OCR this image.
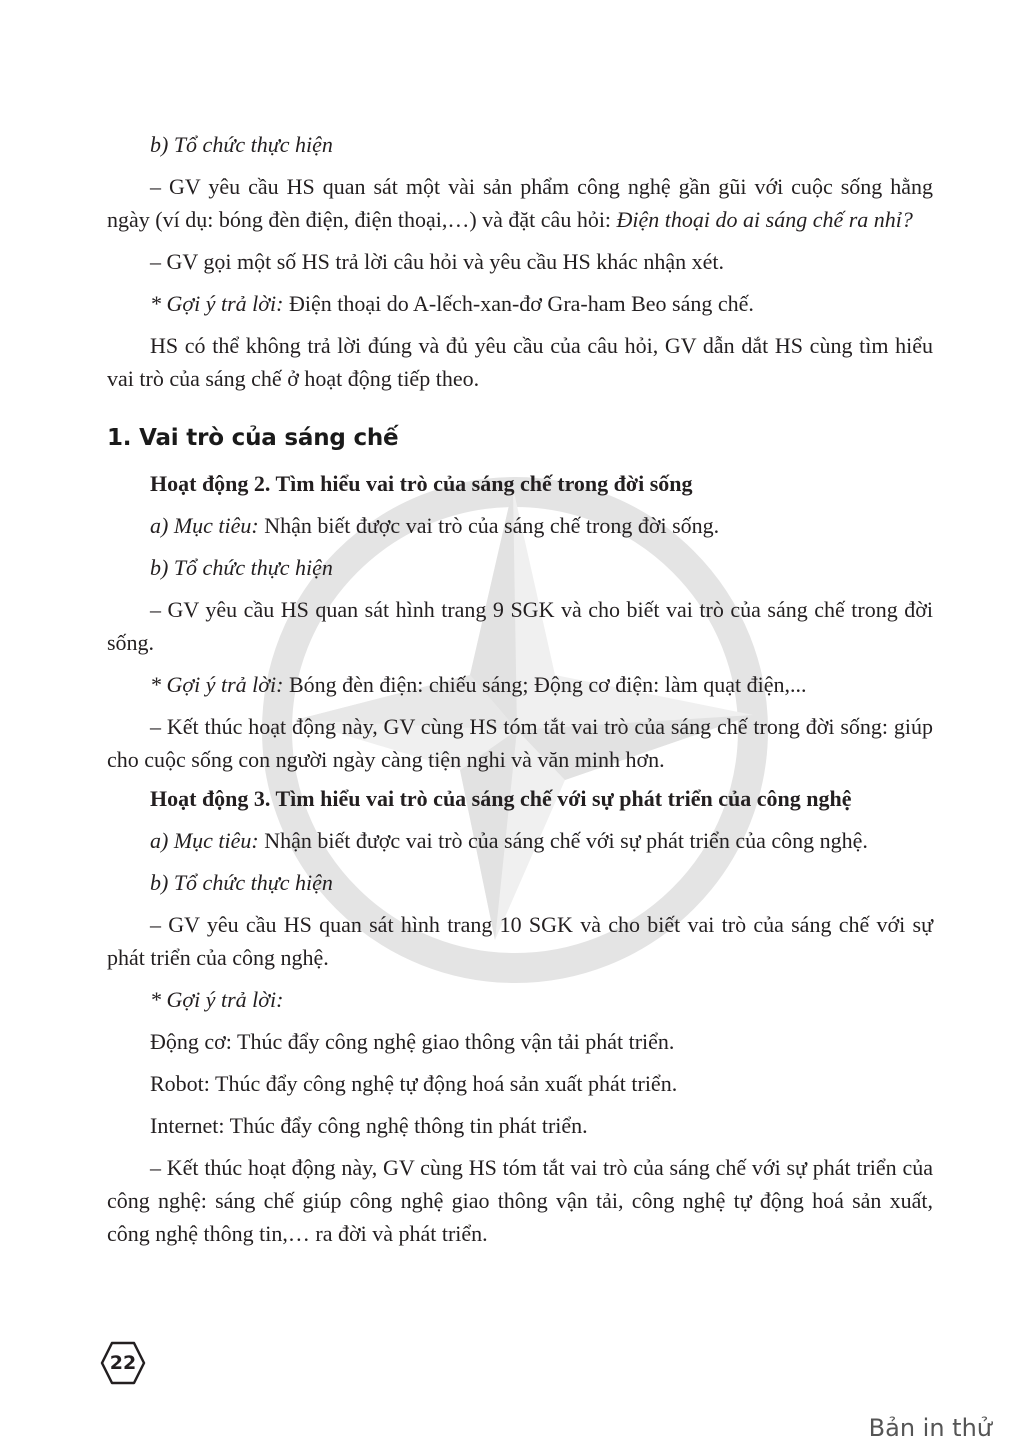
b) Tổ chức thực hiện

– GV yêu cầu HS quan sát một vài sản phẩm công nghệ gần gũi với cuộc sống hằng ngày (ví dụ: bóng đèn điện, điện thoại,…) và đặt câu hỏi: Điện thoại do ai sáng chế ra nhỉ?

– GV gọi một số HS trả lời câu hỏi và yêu cầu HS khác nhận xét.

* Gợi ý trả lời: Điện thoại do A-lếch-xan-đơ Gra-ham Beo sáng chế.

HS có thể không trả lời đúng và đủ yêu cầu của câu hỏi, GV dẫn dắt HS cùng tìm hiểu vai trò của sáng chế ở hoạt động tiếp theo.

1. Vai trò của sáng chế

Hoạt động 2. Tìm hiểu vai trò của sáng chế trong đời sống

a) Mục tiêu: Nhận biết được vai trò của sáng chế trong đời sống.

b) Tổ chức thực hiện

– GV yêu cầu HS quan sát hình trang 9 SGK và cho biết vai trò của sáng chế trong đời sống.

* Gợi ý trả lời: Bóng đèn điện: chiếu sáng; Động cơ điện: làm quạt điện,...

– Kết thúc hoạt động này, GV cùng HS tóm tắt vai trò của sáng chế trong đời sống: giúp cho cuộc sống con người ngày càng tiện nghi và văn minh hơn.

Hoạt động 3. Tìm hiểu vai trò của sáng chế với sự phát triển của công nghệ

a) Mục tiêu: Nhận biết được vai trò của sáng chế với sự phát triển của công nghệ.

b) Tổ chức thực hiện

– GV yêu cầu HS quan sát hình trang 10 SGK và cho biết vai trò của sáng chế với sự phát triển của công nghệ.

* Gợi ý trả lời:

Động cơ: Thúc đẩy công nghệ giao thông vận tải phát triển.

Robot: Thúc đẩy công nghệ tự động hoá sản xuất phát triển.

Internet: Thúc đẩy công nghệ thông tin phát triển.

– Kết thúc hoạt động này, GV cùng HS tóm tắt vai trò của sáng chế với sự phát triển của công nghệ: sáng chế giúp công nghệ giao thông vận tải, công nghệ tự động hoá sản xuất, công nghệ thông tin,… ra đời và phát triển.

22
Bản in thử
